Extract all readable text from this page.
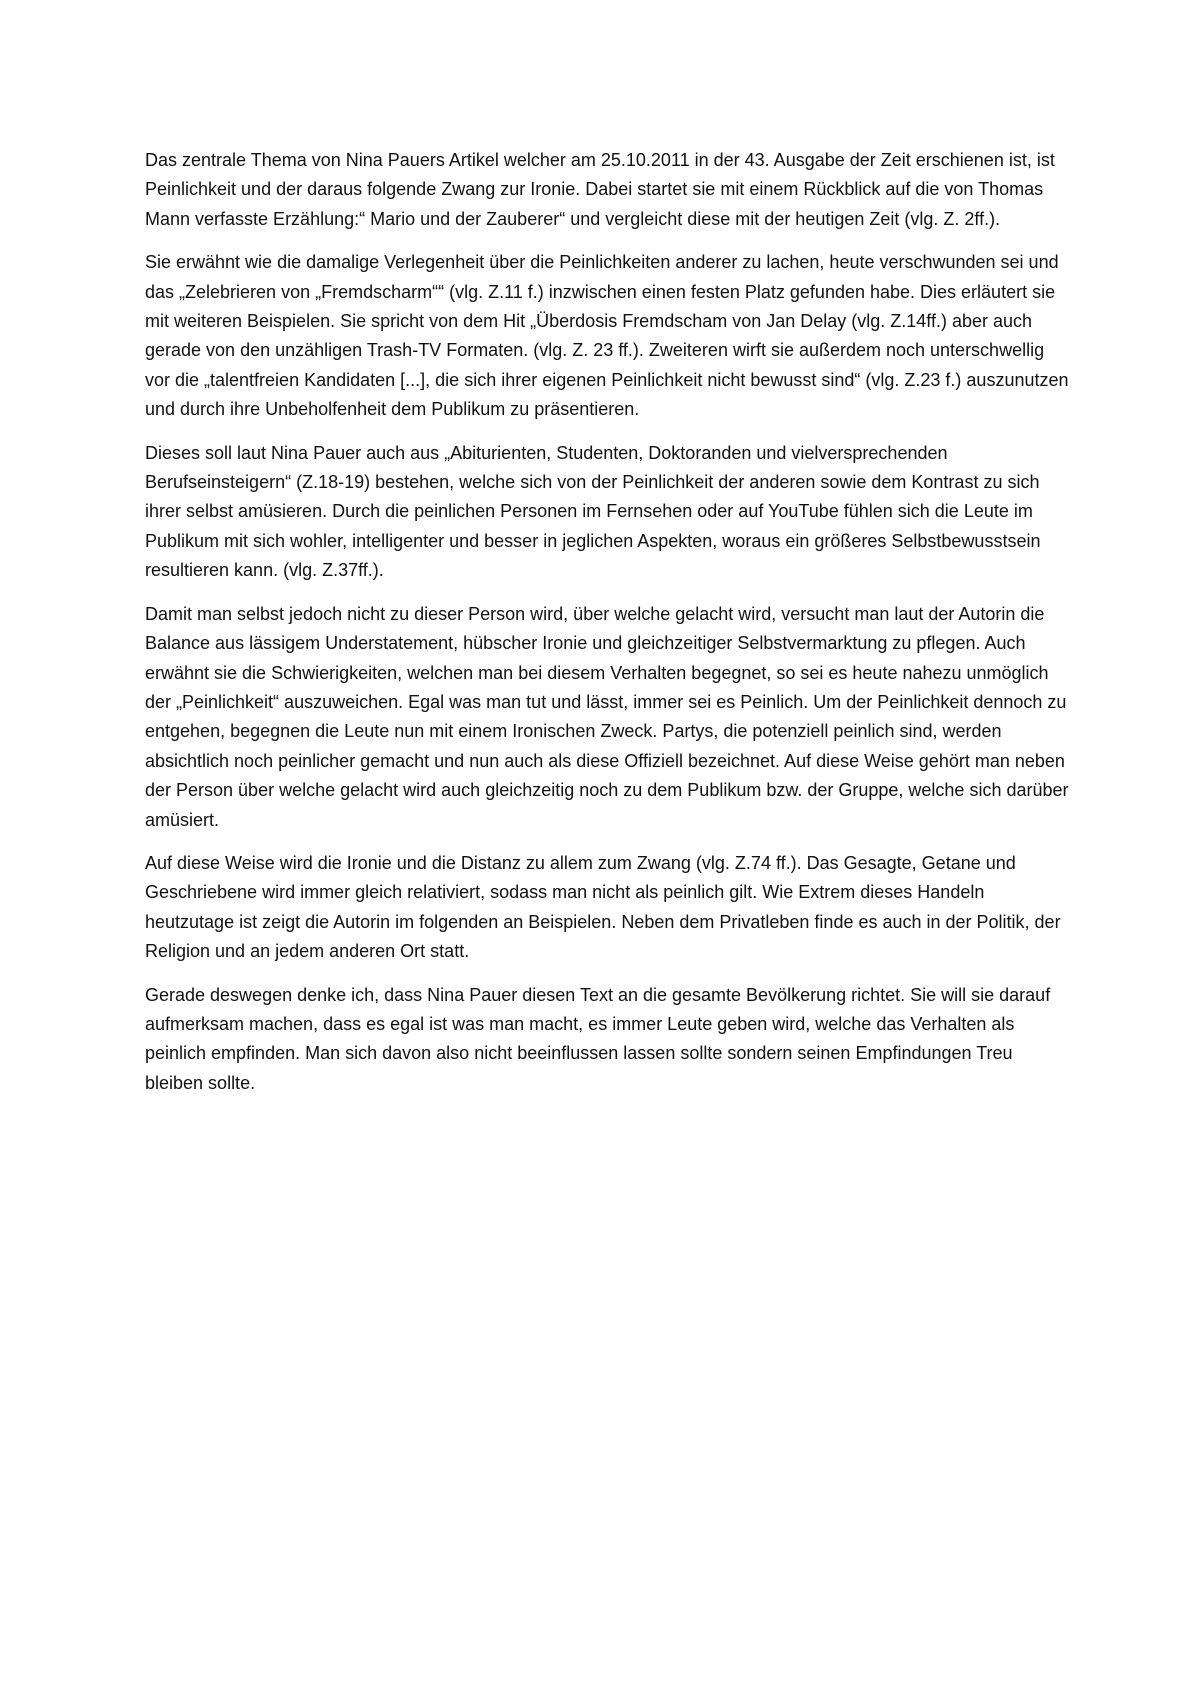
Das zentrale Thema von Nina Pauers Artikel welcher am 25.10.2011 in der 43. Ausgabe der Zeit erschienen ist, ist Peinlichkeit und der daraus folgende Zwang zur Ironie. Dabei startet sie mit einem Rückblick auf die von Thomas Mann verfasste Erzählung:“ Mario und der Zauberer“ und vergleicht diese mit der heutigen Zeit (vlg. Z. 2ff.).

Sie erwähnt wie die damalige Verlegenheit über die Peinlichkeiten anderer zu lachen, heute verschwunden sei und das „Zelebrieren von „Fremdscharm““ (vlg. Z.11 f.) inzwischen einen festen Platz gefunden habe. Dies erläutert sie mit weiteren Beispielen. Sie spricht von dem Hit „Überdosis Fremdscham von Jan Delay (vlg. Z.14ff.) aber auch gerade von den unzähligen Trash-TV Formaten. (vlg. Z. 23 ff.). Zweiteren wirft sie außerdem noch unterschwellig vor die „talentfreien Kandidaten [...], die sich ihrer eigenen Peinlichkeit nicht bewusst sind“ (vlg. Z.23 f.) auszunutzen und durch ihre Unbeholfenheit dem Publikum zu präsentieren.

Dieses soll laut Nina Pauer auch aus „Abiturienten, Studenten, Doktoranden und vielversprechenden Berufseinsteigern“ (Z.18-19) bestehen, welche sich von der Peinlichkeit der anderen sowie dem Kontrast zu sich ihrer selbst amüsieren. Durch die peinlichen Personen im Fernsehen oder auf YouTube fühlen sich die Leute im Publikum mit sich wohler, intelligenter und besser in jeglichen Aspekten, woraus ein größeres Selbstbewusstsein resultieren kann. (vlg. Z.37ff.).

Damit man selbst jedoch nicht zu dieser Person wird, über welche gelacht wird, versucht man laut der Autorin die Balance aus lässigem Understatement, hübscher Ironie und gleichzeitiger Selbstvermarktung zu pflegen. Auch erwähnt sie die Schwierigkeiten, welchen man bei diesem Verhalten begegnet, so sei es heute nahezu unmöglich der „Peinlichkeit“ auszuweichen. Egal was man tut und lässt, immer sei es Peinlich. Um der Peinlichkeit dennoch zu entgehen, begegnen die Leute nun mit einem Ironischen Zweck. Partys, die potenziell peinlich sind, werden absichtlich noch peinlicher gemacht und nun auch als diese Offiziell bezeichnet. Auf diese Weise gehört man neben der Person über welche gelacht wird auch gleichzeitig noch zu dem Publikum bzw. der Gruppe, welche sich darüber amüsiert.

Auf diese Weise wird die Ironie und die Distanz zu allem zum Zwang (vlg. Z.74 ff.). Das Gesagte, Getane und Geschriebene wird immer gleich relativiert, sodass man nicht als peinlich gilt. Wie Extrem dieses Handeln heutzutage ist zeigt die Autorin im folgenden an Beispielen. Neben dem Privatleben finde es auch in der Politik, der Religion und an jedem anderen Ort statt.

Gerade deswegen denke ich, dass Nina Pauer diesen Text an die gesamte Bevölkerung richtet. Sie will sie darauf aufmerksam machen, dass es egal ist was man macht, es immer Leute geben wird, welche das Verhalten als peinlich empfinden. Man sich davon also nicht beeinflussen lassen sollte sondern seinen Empfindungen Treu bleiben sollte.
